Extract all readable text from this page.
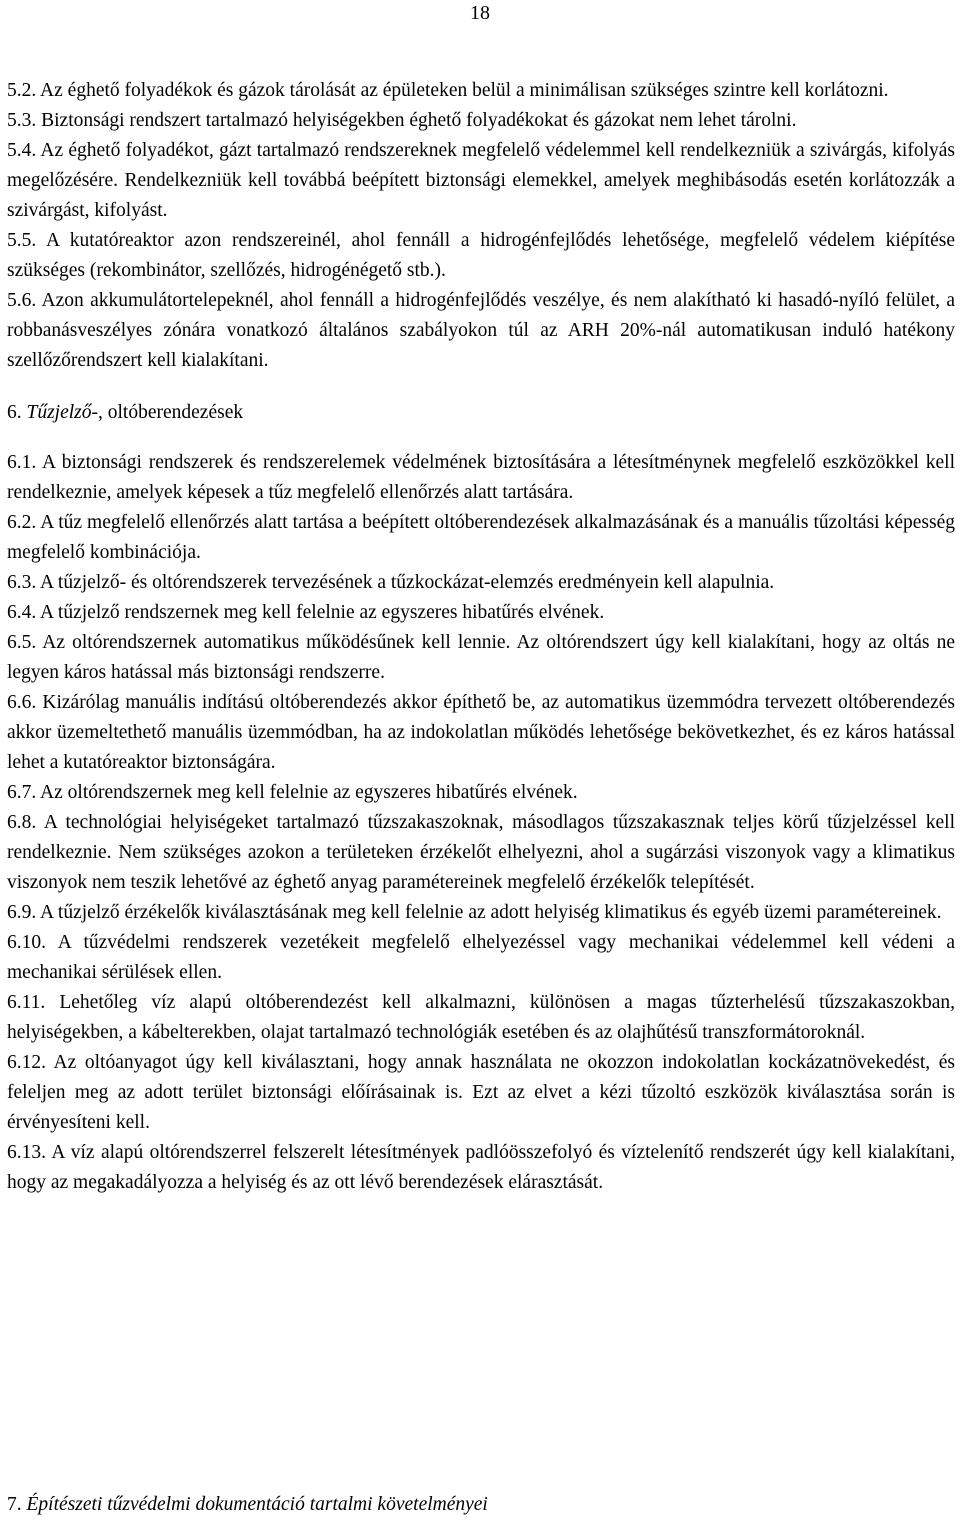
18

5.2. Az éghető folyadékok és gázok tárolását az épületeken belül a minimálisan szükséges szintre kell korlátozni.

5.3. Biztonsági rendszert tartalmazó helyiségekben éghető folyadékokat és gázokat nem lehet tárolni.

5.4. Az éghető folyadékot, gázt tartalmazó rendszereknek megfelelő védelemmel kell rendelkezniük a szivárgás, kifolyás megelőzésére. Rendelkezniük kell továbbá beépített biztonsági elemekkel, amelyek meghibásodás esetén korlátozzák a szivárgást, kifolyást.

5.5. A kutatóreaktor azon rendszereinél, ahol fennáll a hidrogénfejlődés lehetősége, megfelelő védelem kiépítése szükséges (rekombinátor, szellőzés, hidrogénégető stb.).

5.6. Azon akkumulátortelepeknél, ahol fennáll a hidrogénfejlődés veszélye, és nem alakítható ki hasadó-nyíló felület, a robbanásveszélyes zónára vonatkozó általános szabályokon túl az ARH 20%-nál automatikusan induló hatékony szellőzőrendszert kell kialakítani.

6. Tűzjelző-, oltóberendezések

6.1. A biztonsági rendszerek és rendszerelemek védelmének biztosítására a létesítménynek megfelelő eszközökkel kell rendelkeznie, amelyek képesek a tűz megfelelő ellenőrzés alatt tartására.

6.2. A tűz megfelelő ellenőrzés alatt tartása a beépített oltóberendezések alkalmazásának és a manuális tűzoltási képesség megfelelő kombinációja.

6.3. A tűzjelző- és oltórendszerek tervezésének a tűzkockázat-elemzés eredményein kell alapulnia.

6.4. A tűzjelző rendszernek meg kell felelnie az egyszeres hibatűrés elvének.

6.5. Az oltórendszernek automatikus működésűnek kell lennie. Az oltórendszert úgy kell kialakítani, hogy az oltás ne legyen káros hatással más biztonsági rendszerre.

6.6. Kizárólag manuális indítású oltóberendezés akkor építhető be, az automatikus üzemmódra tervezett oltóberendezés akkor üzemeltethető manuális üzemmódban, ha az indokolatlan működés lehetősége bekövetkezhet, és ez káros hatással lehet a kutatóreaktor biztonságára.

6.7. Az oltórendszernek meg kell felelnie az egyszeres hibatűrés elvének.

6.8. A technológiai helyiségeket tartalmazó tűzszakaszoknak, másodlagos tűzszakasznak teljes körű tűzjelzéssel kell rendelkeznie. Nem szükséges azokon a területeken érzékelőt elhelyezni, ahol a sugárzási viszonyok vagy a klimatikus viszonyok nem teszik lehetővé az éghető anyag paramétereinek megfelelő érzékelők telepítését.

6.9. A tűzjelző érzékelők kiválasztásának meg kell felelnie az adott helyiség klimatikus és egyéb üzemi paramétereinek.

6.10. A tűzvédelmi rendszerek vezetékeit megfelelő elhelyezéssel vagy mechanikai védelemmel kell védeni a mechanikai sérülések ellen.

6.11. Lehetőleg víz alapú oltóberendezést kell alkalmazni, különösen a magas tűzterhelésű tűzszakaszokban, helyiségekben, a kábelterekben, olajat tartalmazó technológiák esetében és az olajhűtésű transzformátoroknál.

6.12. Az oltóanyagot úgy kell kiválasztani, hogy annak használata ne okozzon indokolatlan kockázatnövekedést, és feleljen meg az adott terület biztonsági előírásainak is. Ezt az elvet a kézi tűzoltó eszközök kiválasztása során is érvényesíteni kell.

6.13. A víz alapú oltórendszerrel felszerelt létesítmények padlóösszefolyó és víztelenítő rendszerét úgy kell kialakítani, hogy az megakadályozza a helyiség és az ott lévő berendezések elárasztását.

7. Építészeti tűzvédelmi dokumentáció tartalmi követelményei
